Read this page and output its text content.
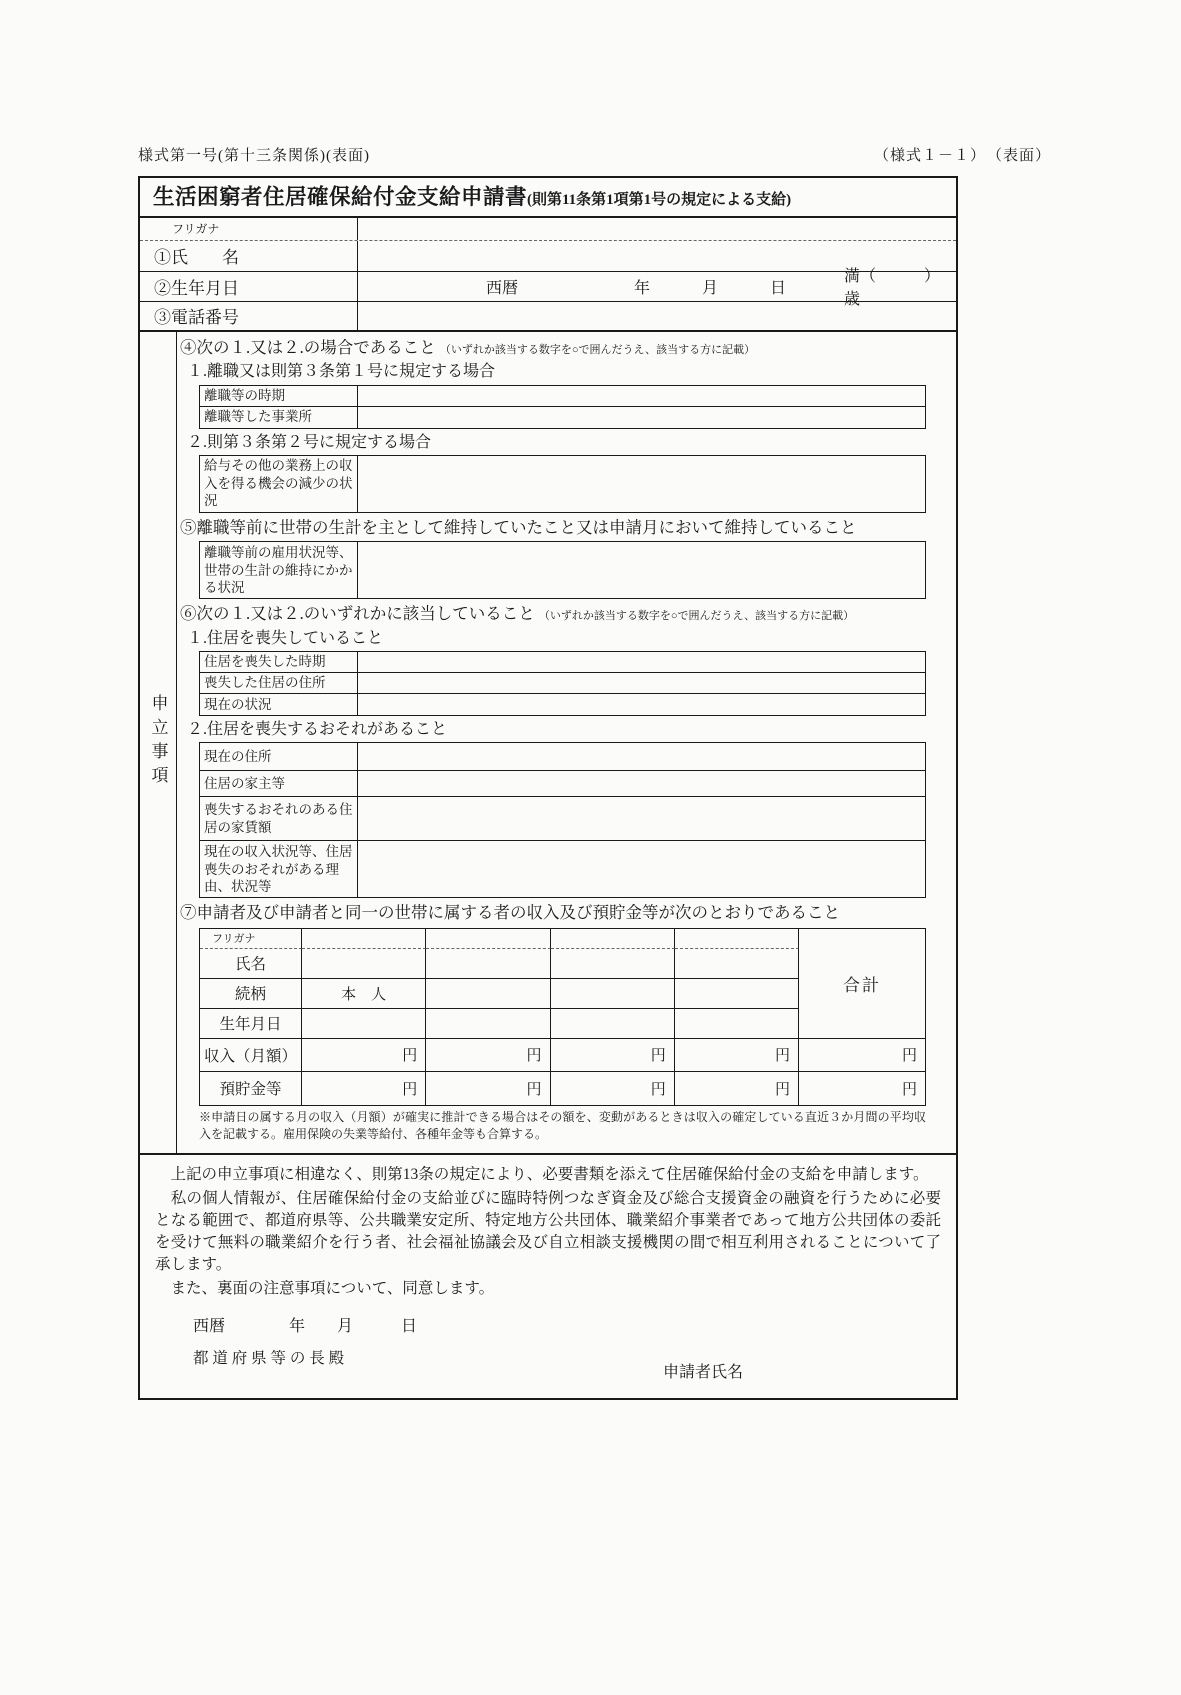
様式第一号(第十三条関係)(表面)	（様式１－１）　（表面）
生活困窮者住居確保給付金支給申請書(則第11条第1項第1号の規定による支給)
フリガナ
①氏　　名
②生年月日	西暦	年	月	日
満（　　　）歳
③電話番号
申立事項
④次の１.又は２.の場合であること （いずれか該当する数字を○で囲んだうえ、該当する方に記載）
１.離職又は則第３条第１号に規定する場合
離職等の時期
離職等した事業所
２.則第３条第２号に規定する場合
給与その他の業務上の収入を得る機会の減少の状況
⑤離職等前に世帯の生計を主として維持していたこと又は申請月において維持していること
離職等前の雇用状況等、世帯の生計の維持にかかる状況
⑥次の１.又は２.のいずれかに該当していること （いずれか該当する数字を○で囲んだうえ、該当する方に記載）
１.住居を喪失していること
住居を喪失した時期
喪失した住居の住所
現在の状況
２.住居を喪失するおそれがあること
現在の住所
住居の家主等
喪失するおそれのある住居の家賃額
現在の収入状況等、住居喪失のおそれがある理由、状況等
⑦申請者及び申請者と同一の世帯に属する者の収入及び預貯金等が次のとおりであること
フリガナ
合計
氏名
続柄	本　人
生年月日
収入（月額）	円	円	円	円	円
預貯金等	円	円	円	円	円
※申請日の属する月の収入（月額）が確実に推計できる場合はその額を、変動があるときは収入の確定している直近３か月間の平均収入を記載する。雇用保険の失業等給付、各種年金等も合算する。

　上記の申立事項に相違なく、則第13条の規定により、必要書類を添えて住居確保給付金の支給を申請します。

　私の個人情報が、住居確保給付金の支給並びに臨時特例つなぎ資金及び総合支援資金の融資を行うために必要となる範囲で、都道府県等、公共職業安定所、特定地方公共団体、職業紹介事業者であって地方公共団体の委託を受けて無料の職業紹介を行う者、社会福祉協議会及び自立相談支援機関の間で相互利用されることについて了承します。

　また、裏面の注意事項について、同意します。

西暦　　　　年　　月　　　日
都 道 府 県 等 の 長 殿
申請者氏名
